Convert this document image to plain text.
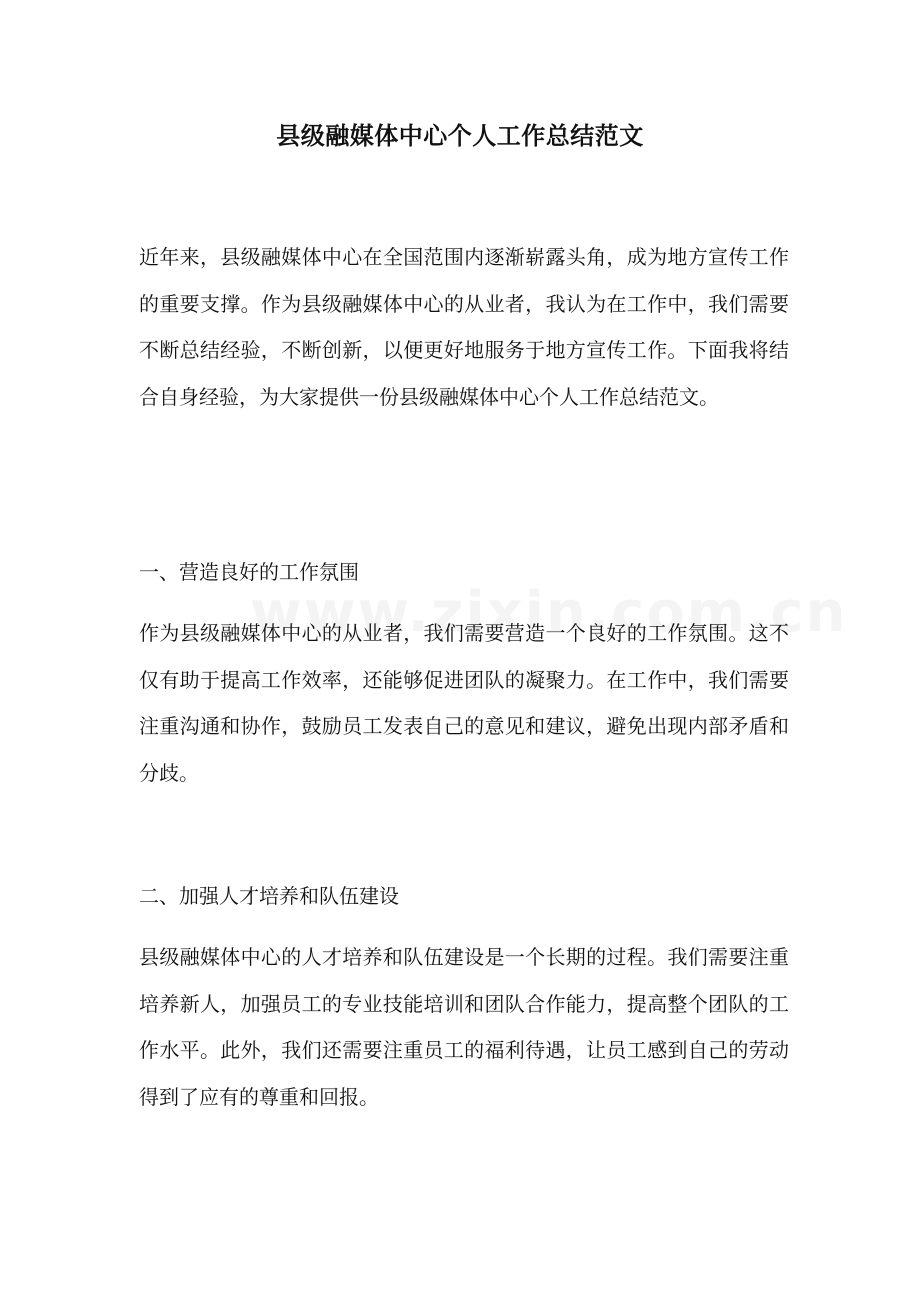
县级融媒体中心个人工作总结范文

近年来，县级融媒体中心在全国范围内逐渐崭露头角，成为地方宣传工作的重要支撑。作为县级融媒体中心的从业者，我认为在工作中，我们需要不断总结经验，不断创新，以便更好地服务于地方宣传工作。下面我将结合自身经验，为大家提供一份县级融媒体中心个人工作总结范文。

一、营造良好的工作氛围

作为县级融媒体中心的从业者，我们需要营造一个良好的工作氛围。这不仅有助于提高工作效率，还能够促进团队的凝聚力。在工作中，我们需要注重沟通和协作，鼓励员工发表自己的意见和建议，避免出现内部矛盾和分歧。

二、加强人才培养和队伍建设

县级融媒体中心的人才培养和队伍建设是一个长期的过程。我们需要注重培养新人，加强员工的专业技能培训和团队合作能力，提高整个团队的工作水平。此外，我们还需要注重员工的福利待遇，让员工感到自己的劳动得到了应有的尊重和回报。
